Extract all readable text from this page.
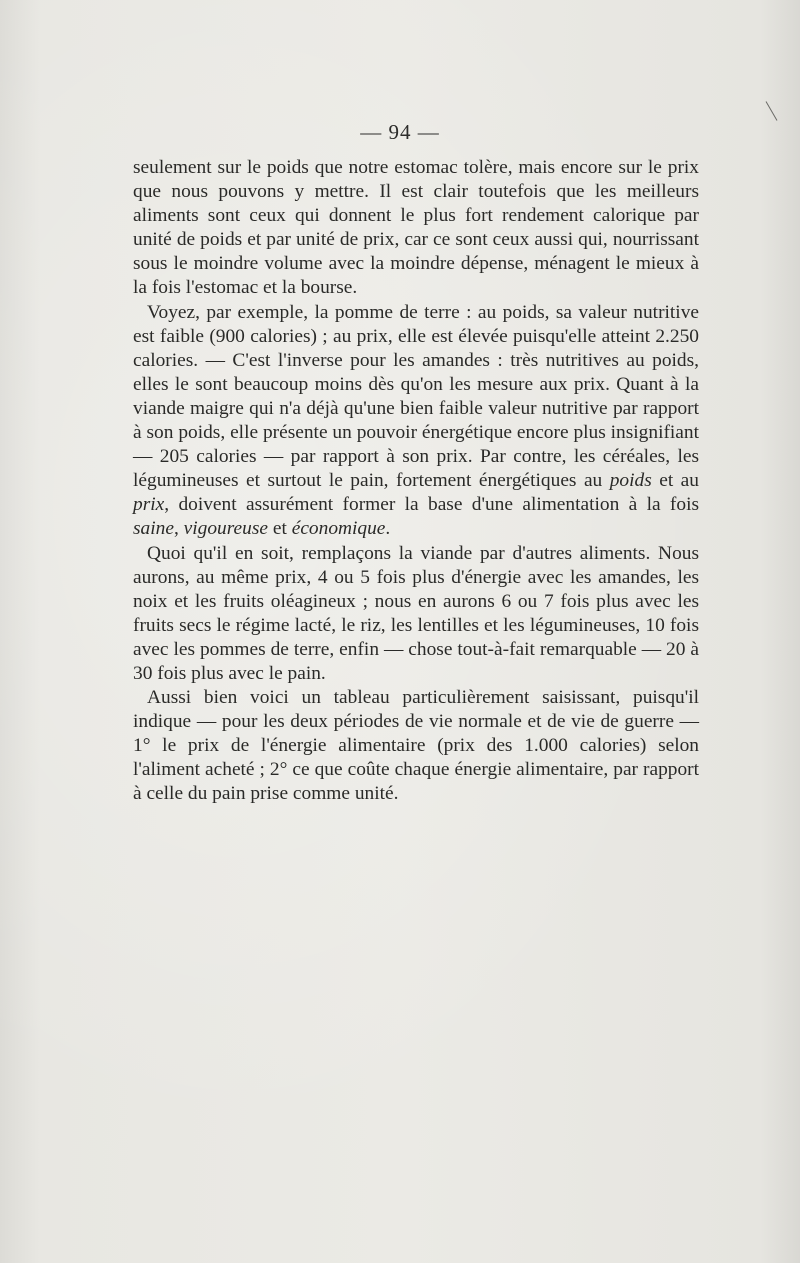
— 94 —

seulement sur le poids que notre estomac tolère, mais encore sur le prix que nous pouvons y mettre. Il est clair toutefois que les meilleurs aliments sont ceux qui donnent le plus fort rendement calorique par unité de poids et par unité de prix, car ce sont ceux aussi qui, nourrissant sous le moindre volume avec la moindre dépense, ménagent le mieux à la fois l'estomac et la bourse.

Voyez, par exemple, la pomme de terre : au poids, sa valeur nutritive est faible (900 calories) ; au prix, elle est élevée puisqu'elle atteint 2.250 calories. — C'est l'inverse pour les amandes : très nutritives au poids, elles le sont beaucoup moins dès qu'on les mesure aux prix. Quant à la viande maigre qui n'a déjà qu'une bien faible valeur nutritive par rapport à son poids, elle présente un pouvoir énergétique encore plus insignifiant — 205 calories — par rapport à son prix. Par contre, les céréales, les légumineuses et surtout le pain, fortement énergétiques au poids et au prix, doivent assurément former la base d'une alimentation à la fois saine, vigoureuse et économique.

Quoi qu'il en soit, remplaçons la viande par d'autres aliments. Nous aurons, au même prix, 4 ou 5 fois plus d'énergie avec les amandes, les noix et les fruits oléagineux ; nous en aurons 6 ou 7 fois plus avec les fruits secs le régime lacté, le riz, les lentilles et les légumineuses, 10 fois avec les pommes de terre, enfin — chose tout-à-fait remarquable — 20 à 30 fois plus avec le pain.

Aussi bien voici un tableau particulièrement saisissant, puisqu'il indique — pour les deux périodes de vie normale et de vie de guerre — 1° le prix de l'énergie alimentaire (prix des 1.000 calories) selon l'aliment acheté ; 2° ce que coûte chaque énergie alimentaire, par rapport à celle du pain prise comme unité.
